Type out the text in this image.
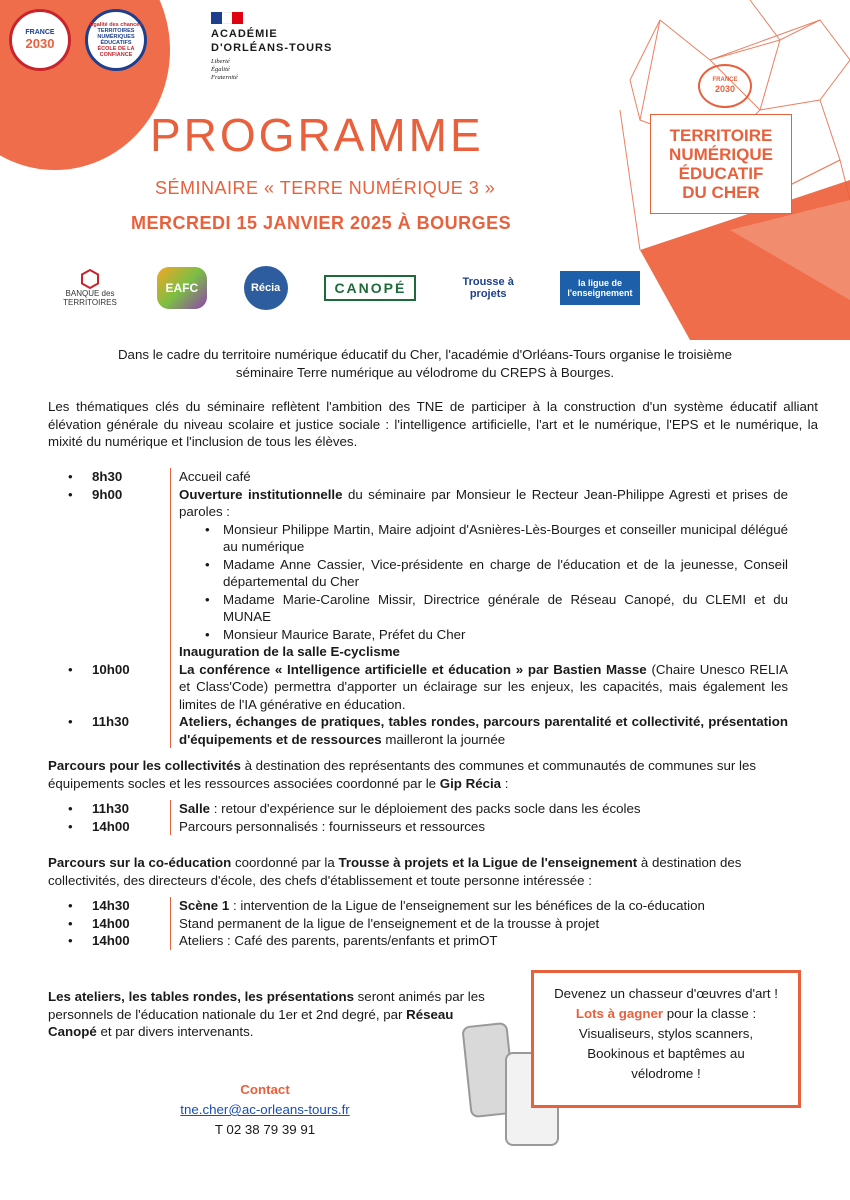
FRANCE
2030
Égalité des chances
TERRITOIRES NUMÉRIQUES ÉDUCATIFS
ÉCOLE DE LA CONFIANCE
ACADÉMIE
D'ORLÉANS-TOURS
Liberté
Égalité
Fraternité	FRANCE
2030
TERRITOIRE
NUMÉRIQUE
ÉDUCATIF
DU CHER
PROGRAMME
SÉMINAIRE « TERRE NUMÉRIQUE 3 »
MERCREDI 15 JANVIER 2025 À BOURGES
BANQUE des TERRITOIRES
EAFC	Récia	CANOPÉ	Trousse à projets
la ligue de l'enseignement
Dans le cadre du territoire numérique éducatif du Cher, l'académie d'Orléans-Tours organise le troisième séminaire Terre numérique au vélodrome du CREPS à Bourges.
Les thématiques clés du séminaire reflètent l'ambition des TNE de participer à la construction d'un système éducatif alliant élévation générale du niveau scolaire et justice sociale : l'intelligence artificielle, l'art et le numérique, l'EPS et le numérique, la mixité du numérique et l'inclusion de tous les élèves.
•	8h30	Accueil café
•	9h00	Ouverture institutionnelle du séminaire par Monsieur le Recteur Jean-Philippe Agresti et prises de paroles :
• Monsieur Philippe Martin, Maire adjoint d'Asnières-Lès-Bourges et conseiller municipal délégué au numérique
• Madame Anne Cassier, Vice-présidente en charge de l'éducation et de la jeunesse, Conseil départemental du Cher
• Madame Marie-Caroline Missir, Directrice générale de Réseau Canopé, du CLEMI et du MUNAE
• Monsieur Maurice Barate, Préfet du Cher
Inauguration de la salle E-cyclisme
•	10h00	La conférence « Intelligence artificielle et éducation » par Bastien Masse (Chaire Unesco RELIA et Class'Code) permettra d'apporter un éclairage sur les enjeux, les capacités, mais également les limites de l'IA générative en éducation.
•	11h30	Ateliers, échanges de pratiques, tables rondes, parcours parentalité et collectivité, présentation d'équipements et de ressources mailleront la journée
Parcours pour les collectivités à destination des représentants des communes et communautés de communes sur les équipements socles et les ressources associées coordonné par le Gip Récia :
•	11h30	Salle : retour d'expérience sur le déploiement des packs socle dans les écoles
•	14h00	Parcours personnalisés : fournisseurs et ressources
Parcours sur la co-éducation coordonné par la Trousse à projets et la Ligue de l'enseignement à destination des collectivités, des directeurs d'école, des chefs d'établissement et toute personne intéressée :
•	14h30	Scène 1 : intervention de la Ligue de l'enseignement sur les bénéfices de la co-éducation
•	14h00	Stand permanent de la ligue de l'enseignement et de la trousse à projet
•	14h00	Ateliers : Café des parents, parents/enfants et primOT
Les ateliers, les tables rondes, les présentations seront animés par les personnels de l'éducation nationale du 1er et 2nd degré, par Réseau Canopé et par divers intervenants.
Contact
tne.cher@ac-orleans-tours.fr
T 02 38 79 39 91
Devenez un chasseur d'œuvres d'art !
Lots à gagner pour la classe :
Visualiseurs, stylos scanners,
Bookinous et baptêmes au
vélodrome !
